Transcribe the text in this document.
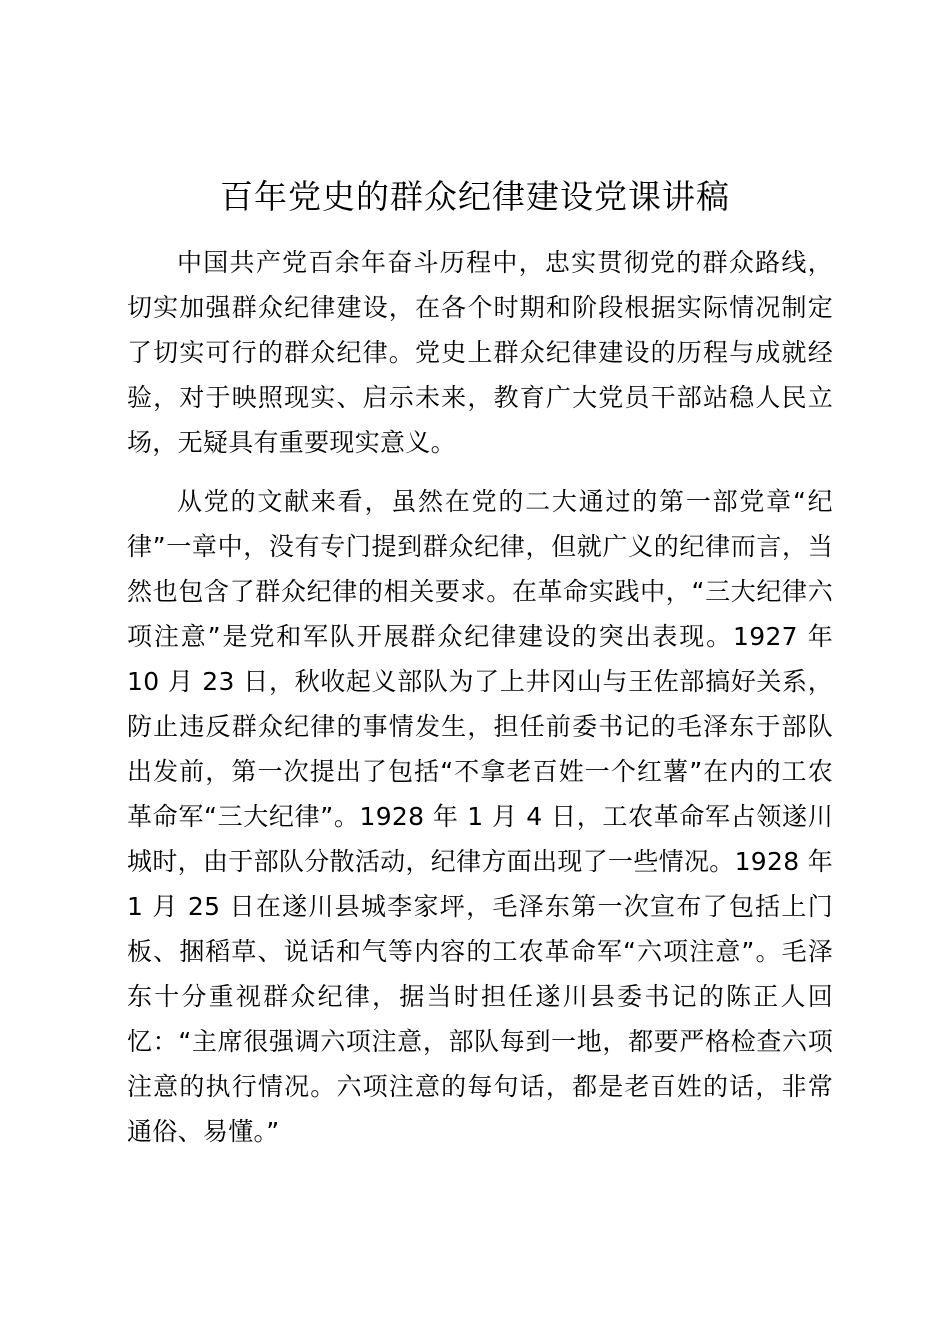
百年党史的群众纪律建设党课讲稿

中国共产党百余年奋斗历程中，忠实贯彻党的群众路线，切实加强群众纪律建设，在各个时期和阶段根据实际情况制定了切实可行的群众纪律。党史上群众纪律建设的历程与成就经验，对于映照现实、启示未来，教育广大党员干部站稳人民立场，无疑具有重要现实意义。

从党的文献来看，虽然在党的二大通过的第一部党章“纪律”一章中，没有专门提到群众纪律，但就广义的纪律而言，当然也包含了群众纪律的相关要求。在革命实践中，“三大纪律六项注意”是党和军队开展群众纪律建设的突出表现。1927 年 10 月 23 日，秋收起义部队为了上井冈山与王佐部搞好关系，防止违反群众纪律的事情发生，担任前委书记的毛泽东于部队出发前，第一次提出了包括“不拿老百姓一个红薯”在内的工农革命军“三大纪律”。1928 年 1 月 4 日，工农革命军占领遂川城时，由于部队分散活动，纪律方面出现了一些情况。1928 年 1 月 25 日在遂川县城李家坪，毛泽东第一次宣布了包括上门板、捆稻草、说话和气等内容的工农革命军“六项注意”。毛泽东十分重视群众纪律，据当时担任遂川县委书记的陈正人回忆：“主席很强调六项注意，部队每到一地，都要严格检查六项注意的执行情况。六项注意的每句话，都是老百姓的话，非常通俗、易懂。”
